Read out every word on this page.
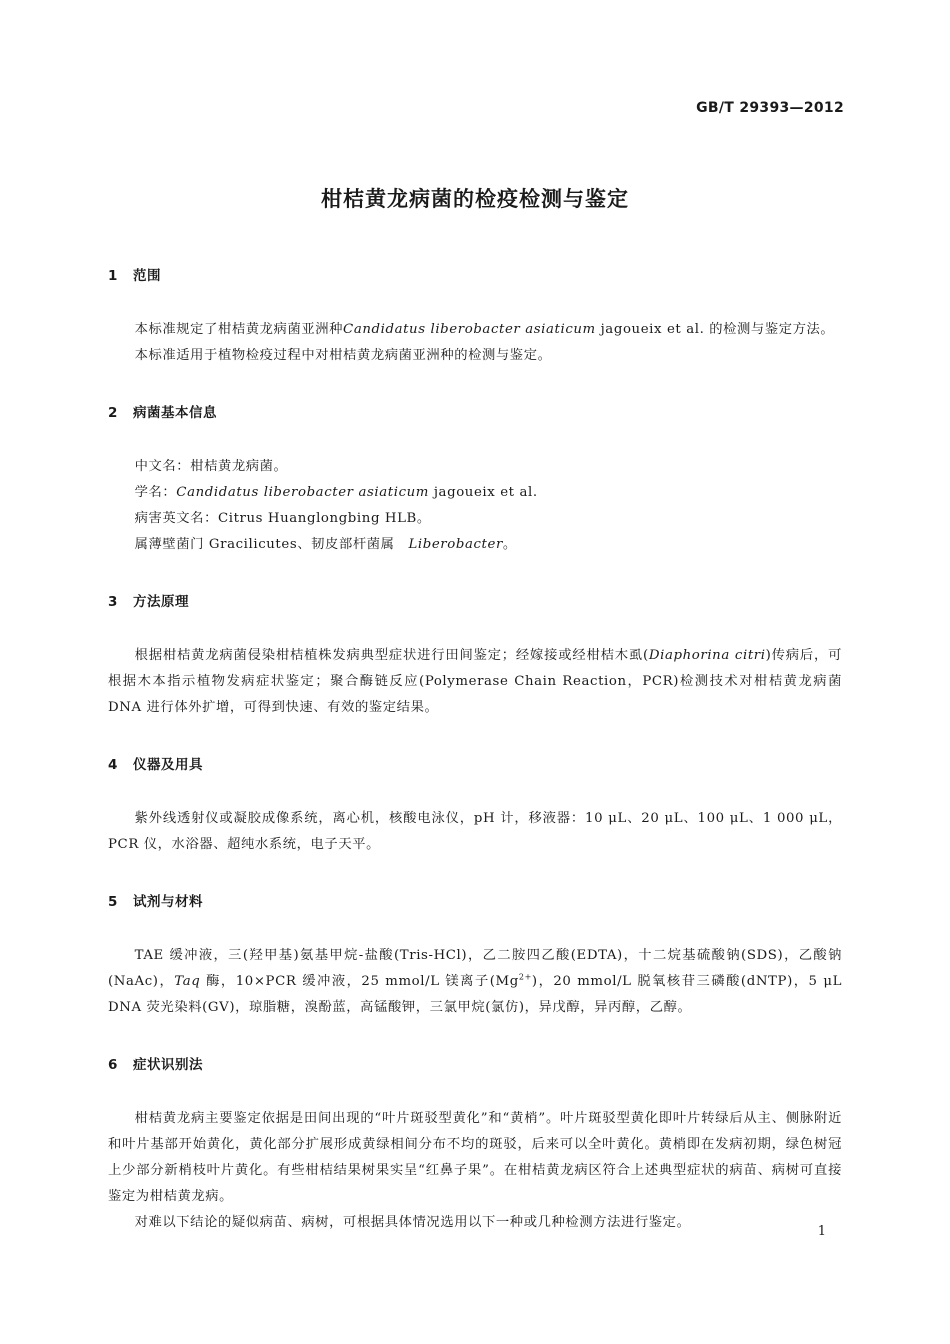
GB/T 29393—2012

柑桔黄龙病菌的检疫检测与鉴定
1 范围

本标准规定了柑桔黄龙病菌亚洲种Candidatus liberobacter asiaticum jagoueix et al. 的检测与鉴定方法。

本标准适用于植物检疫过程中对柑桔黄龙病菌亚洲种的检测与鉴定。

2 病菌基本信息

中文名：柑桔黄龙病菌。

学名：Candidatus liberobacter asiaticum jagoueix et al.

病害英文名：Citrus Huanglongbing HLB。

属薄壁菌门 Gracilicutes、韧皮部杆菌属　Liberobacter。

3 方法原理

根据柑桔黄龙病菌侵染柑桔植株发病典型症状进行田间鉴定；经嫁接或经柑桔木虱(Diaphorina citri)传病后，可根据木本指示植物发病症状鉴定；聚合酶链反应(Polymerase Chain Reaction，PCR)检测技术对柑桔黄龙病菌 DNA 进行体外扩增，可得到快速、有效的鉴定结果。

4 仪器及用具

紫外线透射仪或凝胶成像系统，离心机，核酸电泳仪，pH 计，移液器：10 μL、20 μL、100 μL、1 000 μL，PCR 仪，水浴器、超纯水系统，电子天平。

5 试剂与材料

TAE 缓冲液，三(羟甲基)氨基甲烷-盐酸(Tris-HCl)，乙二胺四乙酸(EDTA)，十二烷基硫酸钠(SDS)，乙酸钠(NaAc)，Taq 酶，10×PCR 缓冲液，25 mmol/L 镁离子$(Mg^{2+})$，20 mmol/L 脱氧核苷三磷酸(dNTP)，5 μL DNA 荧光染料(GV)，琼脂糖，溴酚蓝，高锰酸钾，三氯甲烷(氯仿)，异戊醇，异丙醇，乙醇。

6 症状识别法

柑桔黄龙病主要鉴定依据是田间出现的“叶片斑驳型黄化”和“黄梢”。叶片斑驳型黄化即叶片转绿后从主、侧脉附近和叶片基部开始黄化，黄化部分扩展形成黄绿相间分布不均的斑驳，后来可以全叶黄化。黄梢即在发病初期，绿色树冠上少部分新梢枝叶片黄化。有些柑桔结果树果实呈“红鼻子果”。在柑桔黄龙病区符合上述典型症状的病苗、病树可直接鉴定为柑桔黄龙病。

对难以下结论的疑似病苗、病树，可根据具体情况选用以下一种或几种检测方法进行鉴定。

1
